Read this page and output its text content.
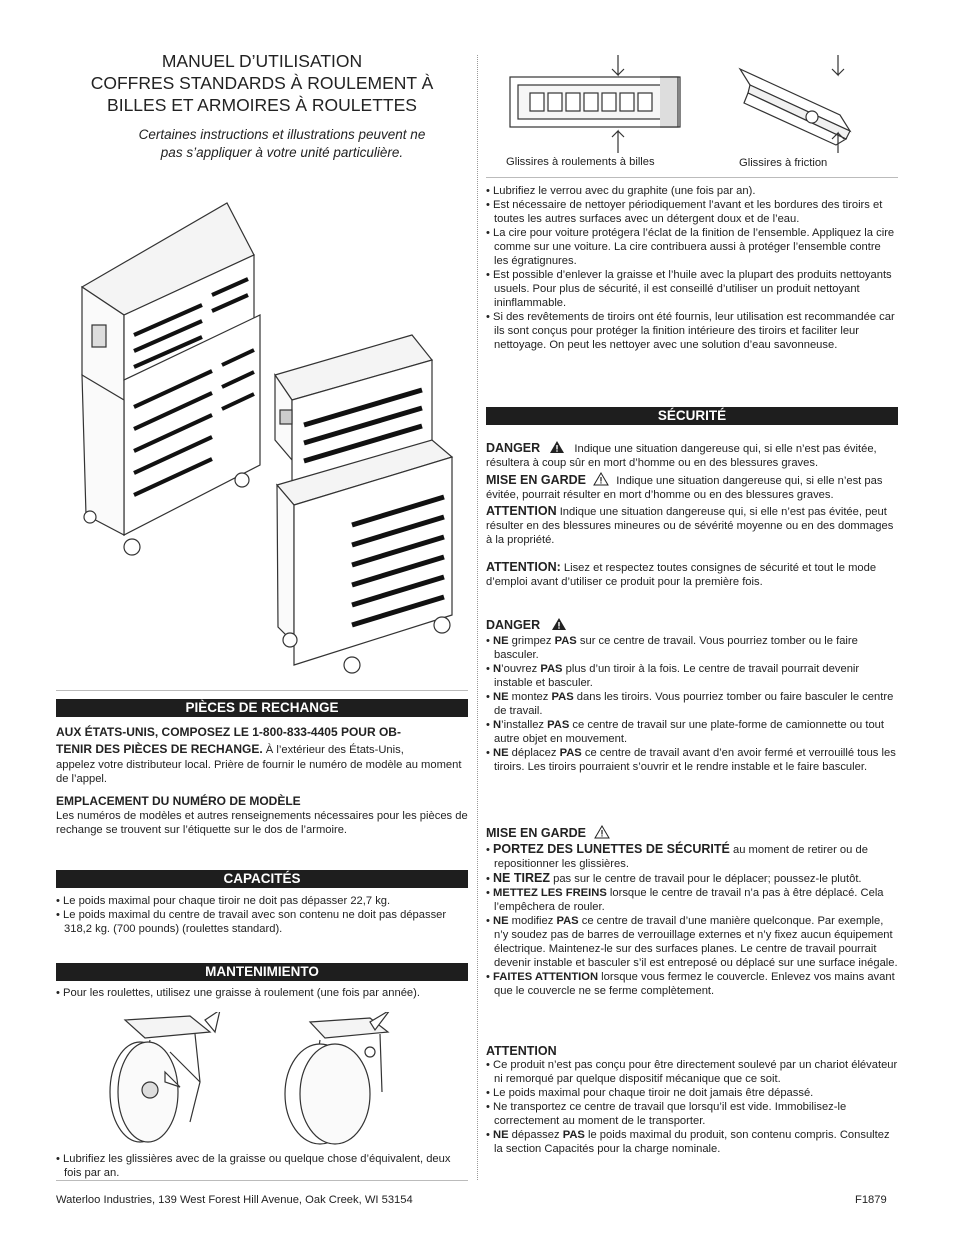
MANUEL D’UTILISATION
COFFRES STANDARDS À ROULEMENT À
BILLES ET ARMOIRES À ROULETTES
Certaines instructions et illustrations peuvent ne
pas s’appliquer à votre unité particulière.
PIÈCES DE RECHANGE
AUX ÉTATS-UNIS, COMPOSEZ LE 1-800-833-4405 POUR OB-
TENIR DES PIÈCES DE RECHANGE. À l’extérieur des États-Unis,
appelez votre distributeur local. Prière de fournir le numéro de modèle au moment de l’appel.
EMPLACEMENT DU NUMÉRO DE MODÈLE
Les numéros de modèles et autres renseignements nécessaires pour les pièces de rechange se trouvent sur l’étiquette sur le dos de l’armoire.
CAPACITÉS
• Le poids maximal pour chaque tiroir ne doit pas dépasser 22,7 kg.
• Le poids maximal du centre de travail avec son contenu ne doit pas dépasser 318,2 kg. (700 pounds) (roulettes standard).
MANTENIMIENTO
• Pour les roulettes, utilisez une graisse à roulement (une fois par année).
• Lubrifiez les glissières avec de la graisse ou quelque chose d’équivalent, deux fois par an.
Glissires à roulements à billes	Glissires à friction
• Lubrifiez le verrou avec du graphite (une fois par an).
• Est nécessaire de nettoyer périodiquement l’avant et les bordures des tiroirs et toutes les autres surfaces avec un détergent doux et de l’eau.
• La cire pour voiture protégera l’éclat de la finition de l’ensemble. Appliquez la cire comme sur une voiture. La cire contribuera aussi à protéger l’ensemble contre les égratignures.
• Est possible d’enlever la graisse et l’huile avec la plupart des produits nettoyants usuels. Pour plus de sécurité, il est conseillé d’utiliser un produit nettoyant ininflammable.
• Si des revêtements de tiroirs ont été fournis, leur utilisation est recommandée car ils sont conçus pour protéger la finition intérieure des tiroirs et faciliter leur nettoyage. On peut les nettoyer avec une solution d’eau savonneuse.
SÉCURITÉ
DANGER	Indique une situation dangereuse qui, si elle n’est pas évitée, résultera à coup sûr en mort d’homme ou en des blessures graves.
MISE EN GARDE	Indique une situation dangereuse qui, si elle n’est pas évitée, pourrait résulter en mort d’homme ou en des blessures graves.
ATTENTION Indique une situation dangereuse qui, si elle n’est pas évitée, peut résulter en des blessures mineures ou de sévérité moyenne ou en des dommages à la propriété.
ATTENTION: Lisez et respectez toutes consignes de sécurité et tout le mode d’emploi avant d’utiliser ce produit pour la première fois.
DANGER
• NE grimpez PAS sur ce centre de travail. Vous pourriez tomber ou le faire basculer.
• N’ouvrez PAS plus d’un tiroir à la fois. Le centre de travail pourrait devenir instable et basculer.
• NE montez PAS dans les tiroirs. Vous pourriez tomber ou faire basculer le centre de travail.
• N’installez PAS ce centre de travail sur une plate-forme de camionnette ou tout autre objet en mouvement.
• NE déplacez PAS ce centre de travail avant d’en avoir fermé et verrouillé tous les tiroirs. Les tiroirs pourraient s’ouvrir et le rendre instable et le faire basculer.
MISE EN GARDE
• PORTEZ DES LUNETTES DE SÉCURITÉ au moment de retirer ou de repositionner les glissières.
• NE TIREZ pas sur le centre de travail pour le déplacer; poussez-le plutôt.
• METTEZ LES FREINS lorsque le centre de travail n’a pas à être déplacé. Cela l’empêchera de rouler.
• NE modifiez PAS ce centre de travail d’une manière quelconque. Par exemple, n’y soudez pas de barres de verrouillage externes et n’y fixez aucun équipement électrique. Maintenez-le sur des surfaces planes. Le centre de travail pourrait devenir instable et basculer s’il est entreposé ou déplacé sur une surface inégale.
• FAITES ATTENTION lorsque vous fermez le couvercle. Enlevez vos mains avant que le couvercle ne se ferme complètement.
ATTENTION
• Ce produit n’est pas conçu pour être directement soulevé par un chariot élévateur ni remorqué par quelque dispositif mécanique que ce soit.
• Le poids maximal pour chaque tiroir ne doit jamais être dépassé.
• Ne transportez ce centre de travail que lorsqu’il est vide. Immobilisez-le correctement au moment de le transporter.
• NE dépassez PAS le poids maximal du produit, son contenu compris. Consultez la section Capacités pour la charge nominale.
Waterloo Industries, 139 West Forest Hill Avenue, Oak Creek, WI 53154	F1879
